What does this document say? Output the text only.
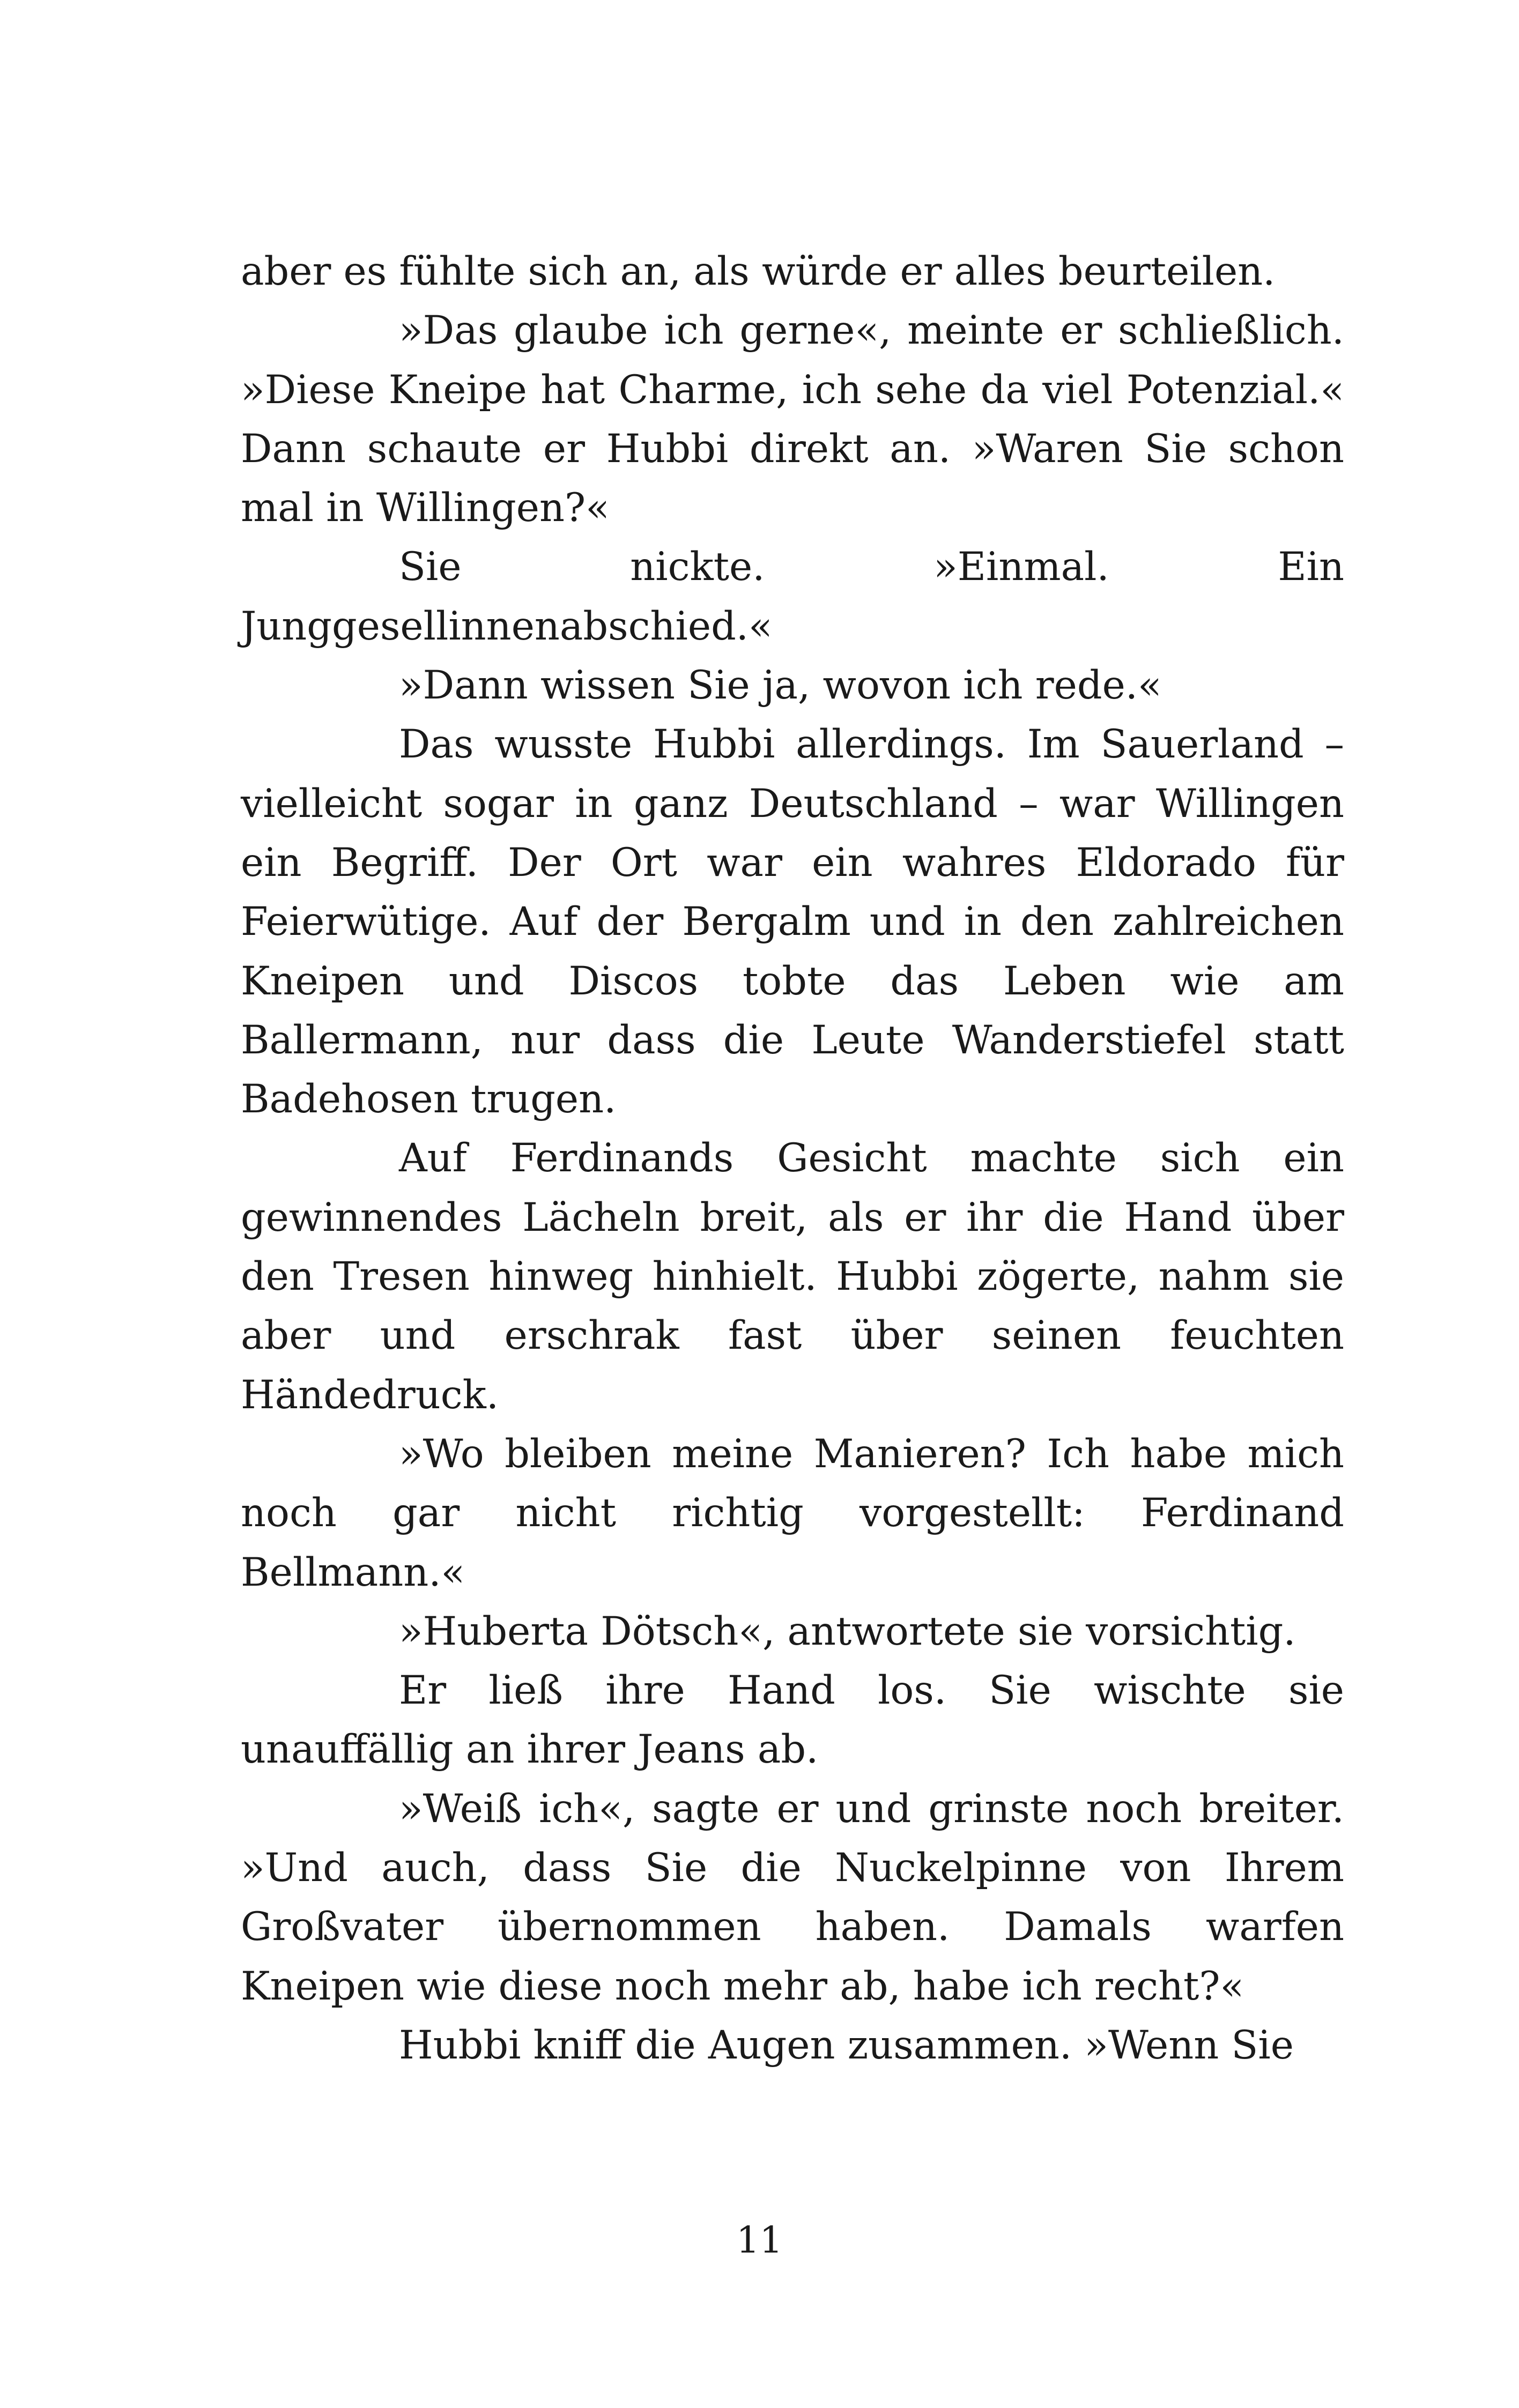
aber es fühlte sich an, als würde er alles beurteilen.

»Das glaube ich gerne«, meinte er schließlich. »Diese Kneipe hat Charme, ich sehe da viel Potenzial.« Dann schaute er Hubbi direkt an. »Waren Sie schon mal in Willingen?«

Sie nickte. »Einmal. Ein Junggesellinnenabschied.«

»Dann wissen Sie ja, wovon ich rede.«

Das wusste Hubbi allerdings. Im Sauerland – vielleicht sogar in ganz Deutschland – war Willingen ein Begriff. Der Ort war ein wahres Eldorado für Feierwütige. Auf der Bergalm und in den zahlreichen Kneipen und Discos tobte das Leben wie am Ballermann, nur dass die Leute Wanderstiefel statt Badehosen trugen.

Auf Ferdinands Gesicht machte sich ein gewinnendes Lächeln breit, als er ihr die Hand über den Tresen hinweg hinhielt. Hubbi zögerte, nahm sie aber und erschrak fast über seinen feuchten Händedruck.

»Wo bleiben meine Manieren? Ich habe mich noch gar nicht richtig vorgestellt: Ferdinand Bellmann.«

»Huberta Dötsch«, antwortete sie vorsichtig.

Er ließ ihre Hand los. Sie wischte sie unauffällig an ihrer Jeans ab.

»Weiß ich«, sagte er und grinste noch breiter. »Und auch, dass Sie die Nuckelpinne von Ihrem Großvater übernommen haben. Damals warfen Kneipen wie diese noch mehr ab, habe ich recht?«

Hubbi kniff die Augen zusammen. »Wenn Sie

11
